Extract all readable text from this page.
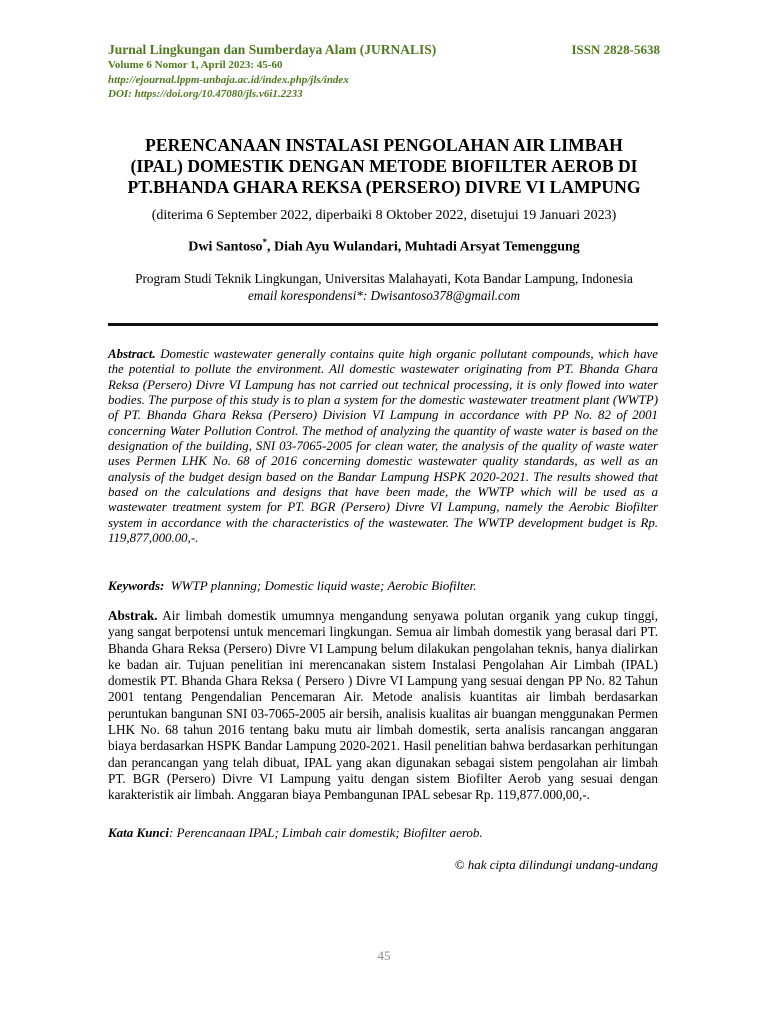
Jurnal Lingkungan dan Sumberdaya Alam (JURNALIS)	ISSN 2828-5638
Volume 6 Nomor 1, April 2023: 45-60
http://ejournal.lppm-unbaja.ac.id/index.php/jls/index
DOI: https://doi.org/10.47080/jls.v6i1.2233
PERENCANAAN INSTALASI PENGOLAHAN AIR LIMBAH
(IPAL) DOMESTIK DENGAN METODE BIOFILTER AEROB DI
PT.BHANDA GHARA REKSA (PERSERO) DIVRE VI LAMPUNG
(diterima 6 September 2022, diperbaiki 8 Oktober 2022, disetujui 19 Januari 2023)
Dwi Santoso*, Diah Ayu Wulandari, Muhtadi Arsyat Temenggung
Program Studi Teknik Lingkungan, Universitas Malahayati, Kota Bandar Lampung, Indonesia
email korespondensi*: Dwisantoso378@gmail.com
Abstract. Domestic wastewater generally contains quite high organic pollutant compounds, which have the potential to pollute the environment. All domestic wastewater originating from PT. Bhanda Ghara Reksa (Persero) Divre VI Lampung has not carried out technical processing, it is only flowed into water bodies. The purpose of this study is to plan a system for the domestic wastewater treatment plant (WWTP) of PT. Bhanda Ghara Reksa (Persero) Division VI Lampung in accordance with PP No. 82 of 2001 concerning Water Pollution Control. The method of analyzing the quantity of waste water is based on the designation of the building, SNI 03-7065-2005 for clean water, the analysis of the quality of waste water uses Permen LHK No. 68 of 2016 concerning domestic wastewater quality standards, as well as an analysis of the budget design based on the Bandar Lampung HSPK 2020-2021. The results showed that based on the calculations and designs that have been made, the WWTP which will be used as a wastewater treatment system for PT. BGR (Persero) Divre VI Lampung, namely the Aerobic Biofilter system in accordance with the characteristics of the wastewater. The WWTP development budget is Rp. 119,877,000.00,-.
Keywords: WWTP planning; Domestic liquid waste; Aerobic Biofilter.
Abstrak. Air limbah domestik umumnya mengandung senyawa polutan organik yang cukup tinggi, yang sangat berpotensi untuk mencemari lingkungan. Semua air limbah domestik yang berasal dari PT. Bhanda Ghara Reksa (Persero) Divre VI Lampung belum dilakukan pengolahan teknis, hanya dialirkan ke badan air. Tujuan penelitian ini merencanakan sistem Instalasi Pengolahan Air Limbah (IPAL) domestik PT. Bhanda Ghara Reksa ( Persero ) Divre VI Lampung yang sesuai dengan PP No. 82 Tahun 2001 tentang Pengendalian Pencemaran Air. Metode analisis kuantitas air limbah berdasarkan peruntukan bangunan SNI 03-7065-2005 air bersih, analisis kualitas air buangan menggunakan Permen LHK No. 68 tahun 2016 tentang baku mutu air limbah domestik, serta analisis rancangan anggaran biaya berdasarkan HSPK Bandar Lampung 2020-2021. Hasil penelitian bahwa berdasarkan perhitungan dan perancangan yang telah dibuat, IPAL yang akan digunakan sebagai sistem pengolahan air limbah PT. BGR (Persero) Divre VI Lampung yaitu dengan sistem Biofilter Aerob yang sesuai dengan karakteristik air limbah. Anggaran biaya Pembangunan IPAL sebesar Rp. 119,877.000,00,-.
Kata Kunci: Perencanaan IPAL; Limbah cair domestik; Biofilter aerob.
© hak cipta dilindungi undang-undang
45
